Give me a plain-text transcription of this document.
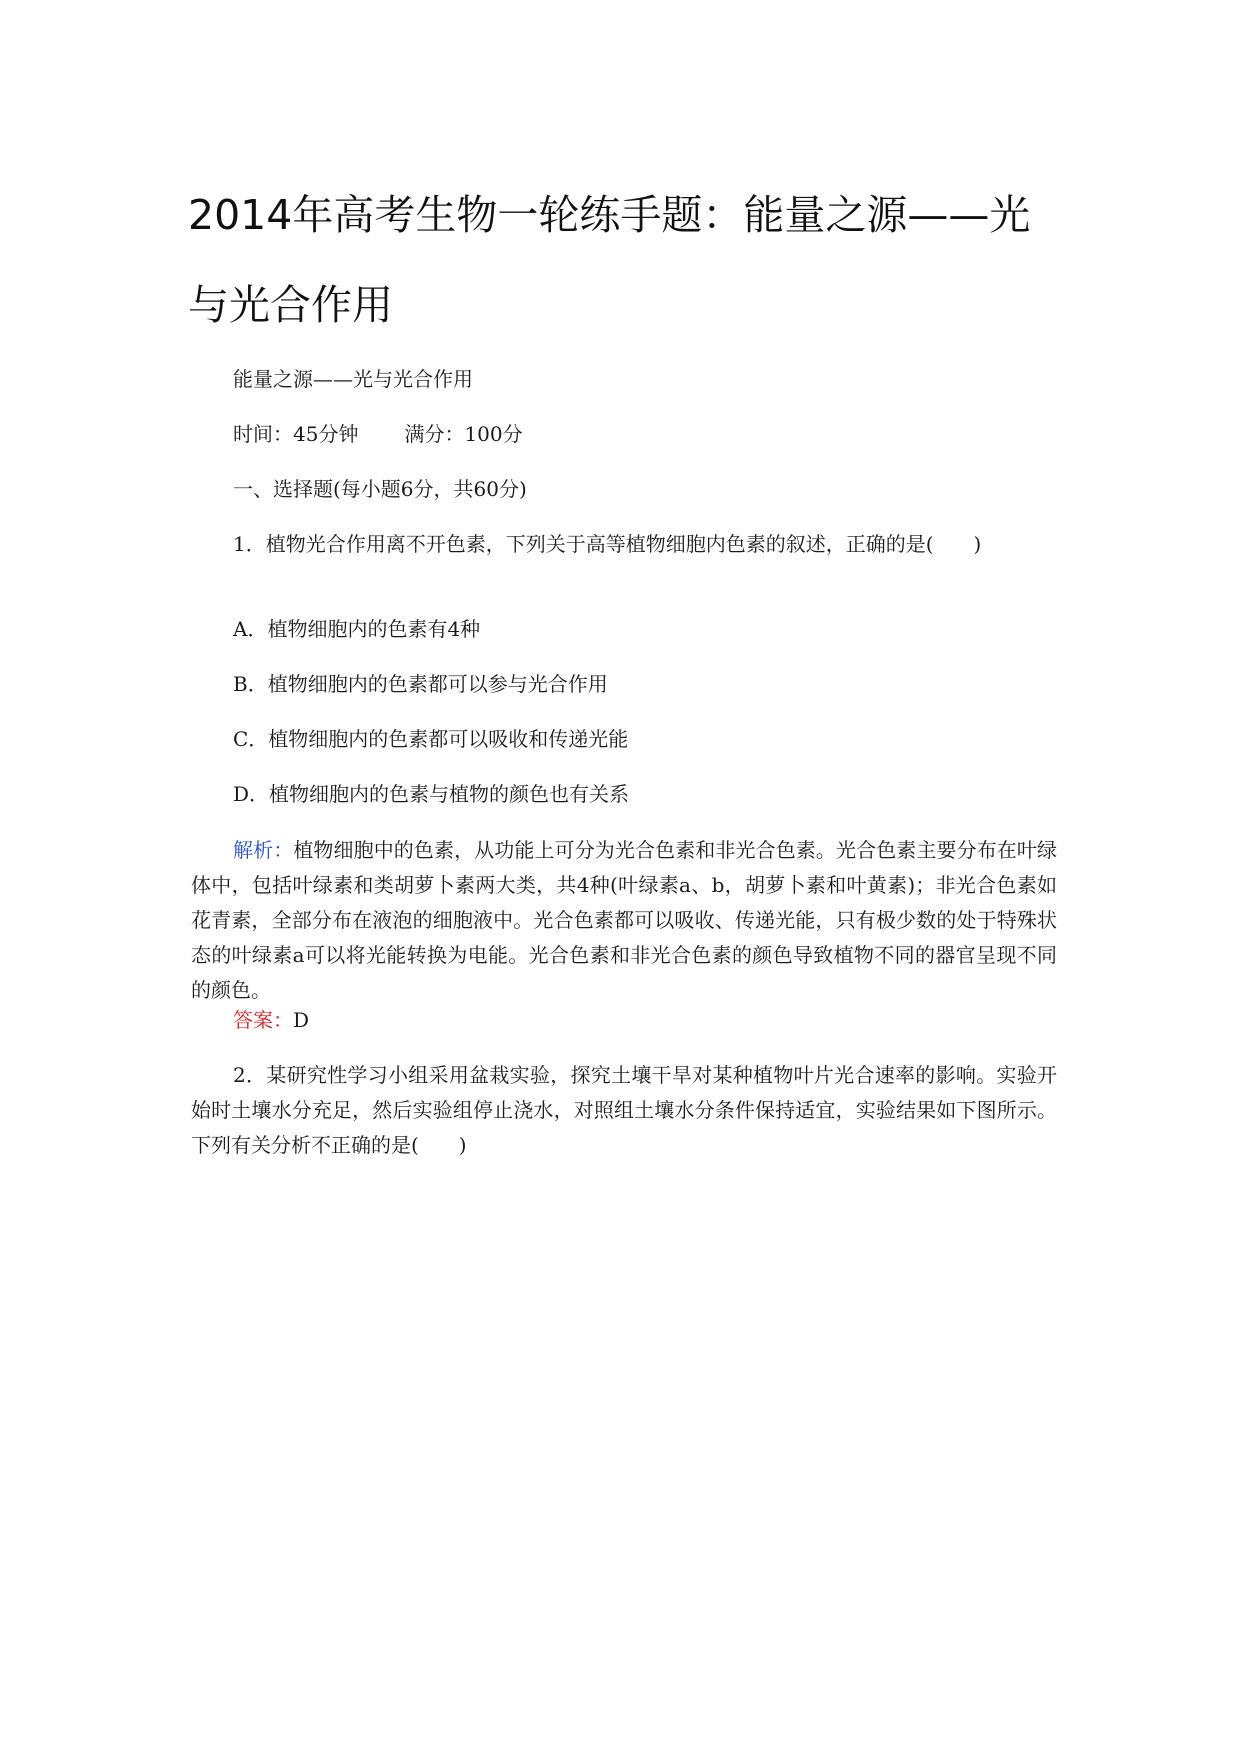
2014年高考生物一轮练手题：能量之源——光与光合作用
能量之源——光与光合作用
时间：45分钟 满分：100分
一、选择题(每小题6分，共60分)
1．植物光合作用离不开色素，下列关于高等植物细胞内色素的叙述，正确的是(　　)
A．植物细胞内的色素有4种
B．植物细胞内的色素都可以参与光合作用
C．植物细胞内的色素都可以吸收和传递光能
D．植物细胞内的色素与植物的颜色也有关系

解析：植物细胞中的色素，从功能上可分为光合色素和非光合色素。光合色素主要分布在叶绿体中，包括叶绿素和类胡萝卜素两大类，共4种(叶绿素a、b，胡萝卜素和叶黄素)；非光合色素如花青素，全部分布在液泡的细胞液中。光合色素都可以吸收、传递光能，只有极少数的处于特殊状态的叶绿素a可以将光能转换为电能。光合色素和非光合色素的颜色导致植物不同的器官呈现不同的颜色。

答案：D

2．某研究性学习小组采用盆栽实验，探究土壤干旱对某种植物叶片光合速率的影响。实验开始时土壤水分充足，然后实验组停止浇水，对照组土壤水分条件保持适宜，实验结果如下图所示。下列有关分析不正确的是(　　)
